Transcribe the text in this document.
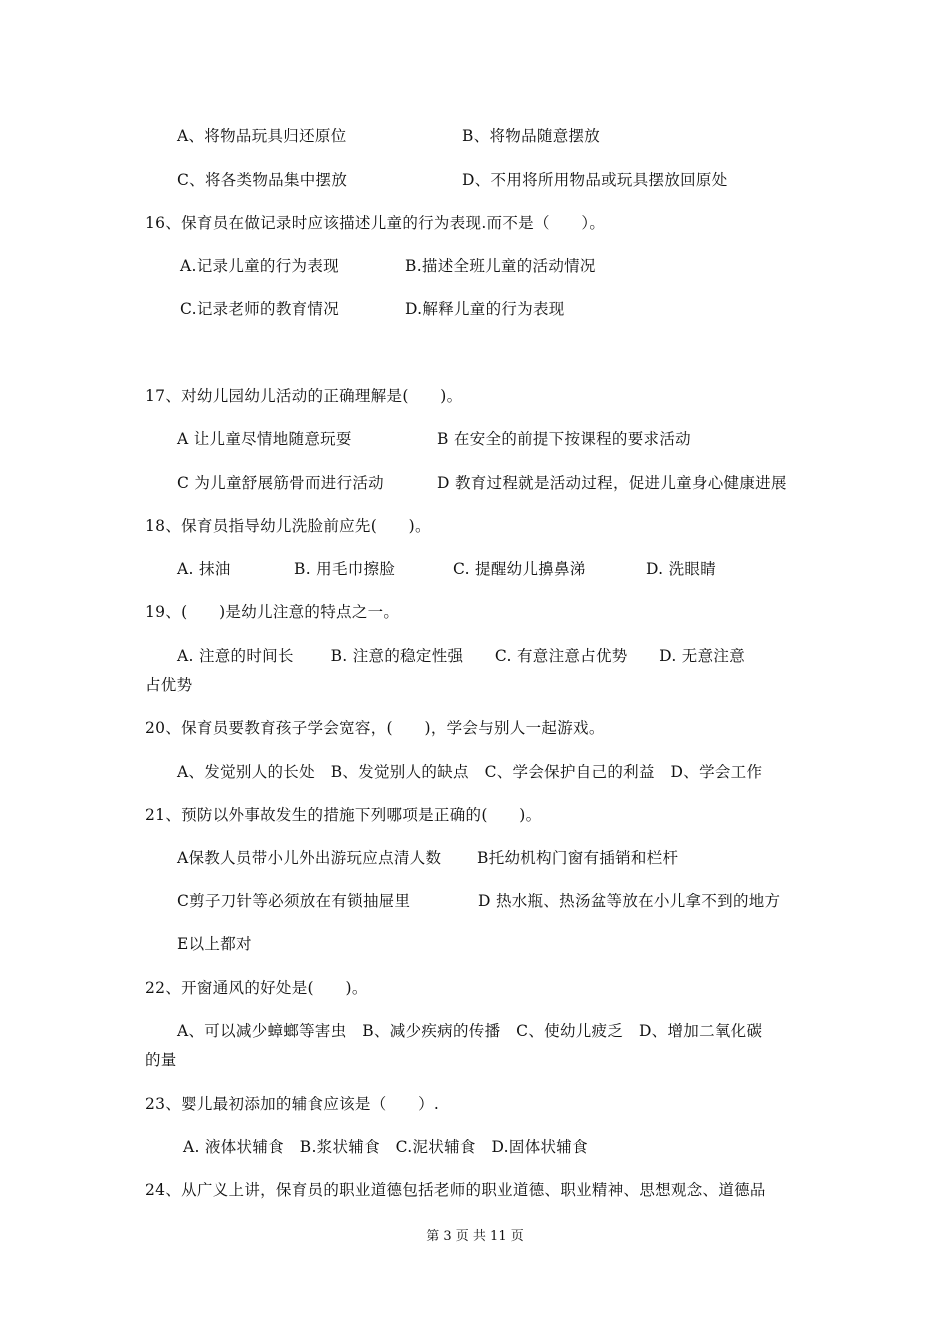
A、将物品玩具归还原位	B、将物品随意摆放
C、将各类物品集中摆放	D、不用将所用物品或玩具摆放回原处
16、保育员在做记录时应该描述儿童的行为表现.而不是（　　）。
A.记录儿童的行为表现	B.描述全班儿童的活动情况
C.记录老师的教育情况	D.解释儿童的行为表现
17、对幼儿园幼儿活动的正确理解是(　　)。
A 让儿童尽情地随意玩耍	B 在安全的前提下按课程的要求活动
C 为儿童舒展筋骨而进行活动	D 教育过程就是活动过程，促进儿童身心健康进展
18、保育员指导幼儿洗脸前应先(　　)。
A. 抹油	B. 用毛巾擦脸	C. 提醒幼儿擤鼻涕	D. 洗眼睛
19、(　　)是幼儿注意的特点之一。
A. 注意的时间长　　 B. 注意的稳定性强　　C. 有意注意占优势　　D. 无意注意
占优势
20、保育员要教育孩子学会宽容，(　　)，学会与别人一起游戏。
A、发觉别人的长处　B、发觉别人的缺点　C、学会保护自己的利益　D、学会工作
21、预防以外事故发生的措施下列哪项是正确的(　　)。
A保教人员带小儿外出游玩应点清人数 B托幼机构门窗有插销和栏杆
C剪子刀针等必须放在有锁抽屉里	D 热水瓶、热汤盆等放在小儿拿不到的地方
E以上都对
22、开窗通风的好处是(　　)。
A、可以减少蟑螂等害虫　B、减少疾病的传播　C、使幼儿疲乏　D、增加二氧化碳
的量
23、婴儿最初添加的辅食应该是（　　）.
A. 液体状辅食　B.浆状辅食　C.泥状辅食　D.固体状辅食
24、从广义上讲，保育员的职业道德包括老师的职业道德、职业精神、思想观念、道德品
第 3 页 共 11 页
